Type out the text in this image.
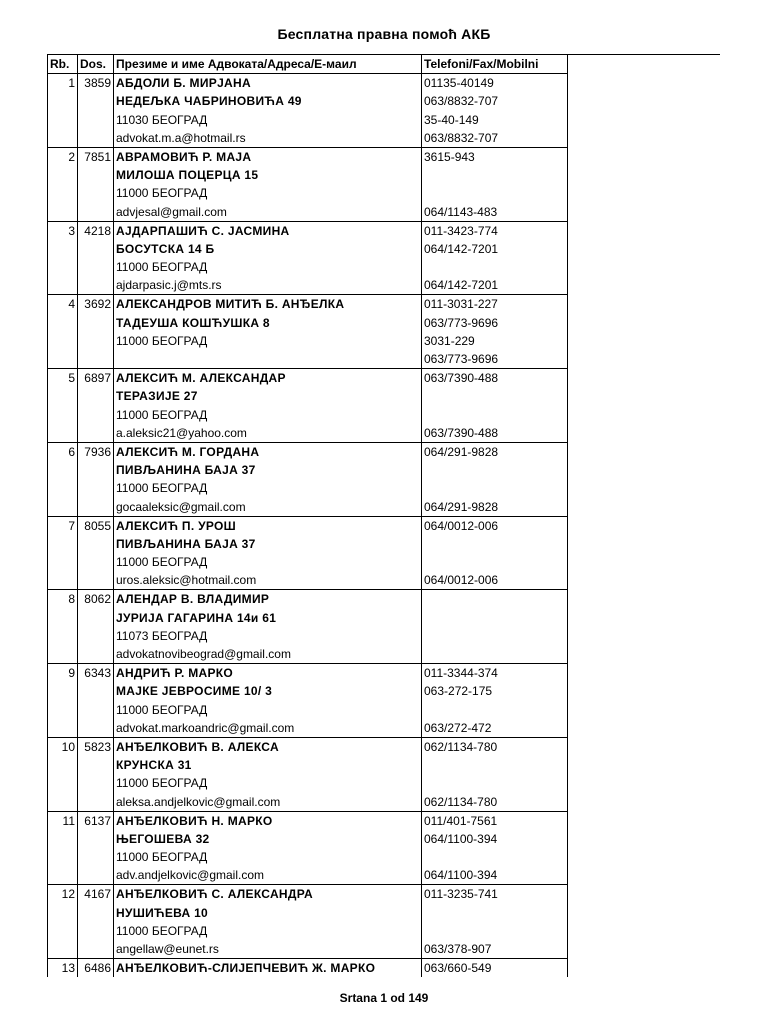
Бесплатна правна помоћ АКБ
Rb.	Dos.	Презиме и име Адвоката/Адреса/Е-маил	Telefoni/Fax/Mobilni
1	3859	АБДОЛИ Б. МИРЈАНА	01135-40149
		НЕДЕЉКА ЧАБРИНОВИЋА 49	063/8832-707
		11030 БЕОГРАД	35-40-149
		advokat.m.a@hotmail.rs	063/8832-707
2	7851	АВРАМОВИЋ Р. МАЈА	3615-943
		МИЛОША ПОЦЕРЦА 15	
		11000 БЕОГРАД	
		advjesal@gmail.com	064/1143-483
3	4218	АЈДАРПАШИЋ С. ЈАСМИНА	011-3423-774
		БОСУТСКА 14 Б	064/142-7201
		11000 БЕОГРАД	
		ajdarpasic.j@mts.rs	064/142-7201
4	3692	АЛЕКСАНДРОВ МИТИЋ Б. АНЂЕЛКА	011-3031-227
		ТАДЕУША КОШЋУШКА 8	063/773-9696
		11000 БЕОГРАД	3031-229
			063/773-9696
5	6897	АЛЕКСИЋ М. АЛЕКСАНДАР	063/7390-488
		ТЕРАЗИЈЕ 27	
		11000 БЕОГРАД	
		a.aleksic21@yahoo.com	063/7390-488
6	7936	АЛЕКСИЋ М. ГОРДАНА	064/291-9828
		ПИВЉАНИНА БАЈА 37	
		11000 БЕОГРАД	
		gocaaleksic@gmail.com	064/291-9828
7	8055	АЛЕКСИЋ П. УРОШ	064/0012-006
		ПИВЉАНИНА БАЈА 37	
		11000 БЕОГРАД	
		uros.aleksic@hotmail.com	064/0012-006
8	8062	АЛЕНДАР В. ВЛАДИМИР	
		ЈУРИЈА ГАГАРИНА 14и 61	
		11073 БЕОГРАД	
		advokatnovibeograd@gmail.com	
9	6343	АНДРИЋ Р. МАРКО	011-3344-374
		МАЈКЕ ЈЕВРОСИМЕ 10/ 3	063-272-175
		11000 БЕОГРАД	
		advokat.markoandric@gmail.com	063/272-472
10	5823	АНЂЕЛКОВИЋ В. АЛЕКСА	062/1134-780
		КРУНСКА 31	
		11000 БЕОГРАД	
		aleksa.andjelkovic@gmail.com	062/1134-780
11	6137	АНЂЕЛКОВИЋ Н. МАРКО	011/401-7561
		ЊЕГОШЕВА 32	064/1100-394
		11000 БЕОГРАД	
		adv.andjelkovic@gmail.com	064/1100-394
12	4167	АНЂЕЛКОВИЋ С. АЛЕКСАНДРА	011-3235-741
		НУШИЋЕВА 10	
		11000 БЕОГРАД	
		angellaw@eunet.rs	063/378-907
13	6486	АНЂЕЛКОВИЋ-СЛИЈЕПЧЕВИЋ Ж. МАРКО	063/660-549
Srtana 1 od 149
